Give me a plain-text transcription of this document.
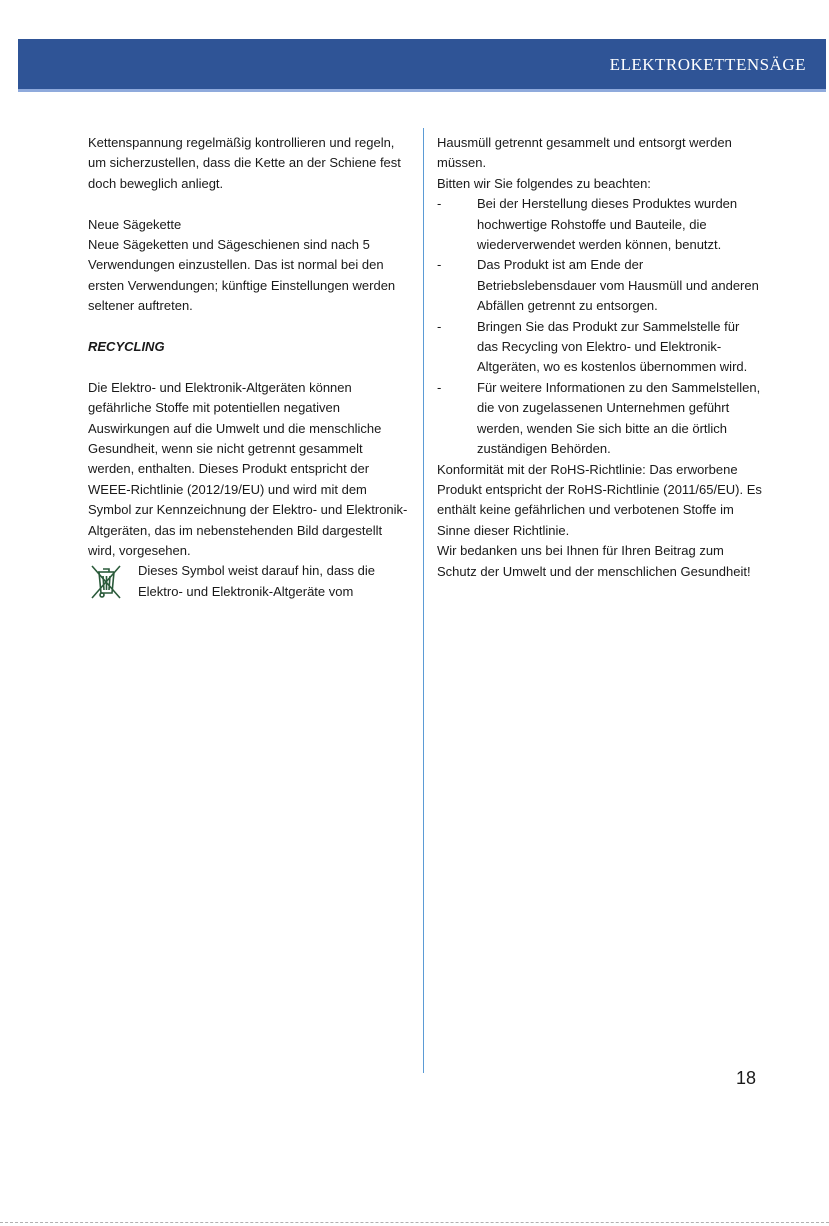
ELEKTROKETTENSÄGE

Kettenspannung regelmäßig kontrollieren und regeln, um sicherzustellen, dass die Kette an der Schiene fest doch beweglich anliegt.

Neue Sägekette

Neue Sägeketten und Sägeschienen sind nach 5 Verwendungen einzustellen. Das ist normal bei den ersten Verwendungen; künftige Einstellungen werden seltener auftreten.

RECYCLING

Die Elektro- und Elektronik-Altgeräten können gefährliche Stoffe mit potentiellen negativen Auswirkungen auf die Umwelt und die menschliche Gesundheit, wenn sie nicht getrennt gesammelt werden, enthalten. Dieses Produkt entspricht der WEEE-Richtlinie (2012/19/EU) und wird mit dem Symbol zur Kennzeichnung der Elektro- und Elektronik-Altgeräten, das im nebenstehenden Bild dargestellt wird, vorgesehen.

Dieses Symbol weist darauf hin, dass die Elektro- und Elektronik-Altgeräte vom

Hausmüll getrennt gesammelt und entsorgt werden müssen.

Bitten wir Sie folgendes zu beachten:

-	Bei der Herstellung dieses Produktes wurden hochwertige Rohstoffe und Bauteile, die wiederverwendet werden können, benutzt.
-	Das Produkt ist am Ende der Betriebslebensdauer vom Hausmüll und anderen Abfällen getrennt zu entsorgen.
-	Bringen Sie das Produkt zur Sammelstelle für das Recycling von Elektro- und Elektronik-Altgeräten, wo es kostenlos übernommen wird.
-	Für weitere Informationen zu den Sammelstellen, die von zugelassenen Unternehmen geführt werden, wenden Sie sich bitte an die örtlich zuständigen Behörden.

Konformität mit der RoHS-Richtlinie: Das erworbene Produkt entspricht der RoHS-Richtlinie (2011/65/EU). Es enthält keine gefährlichen und verbotenen Stoffe im Sinne dieser Richtlinie.

Wir bedanken uns bei Ihnen für Ihren Beitrag zum Schutz der Umwelt und der menschlichen Gesundheit!

18
